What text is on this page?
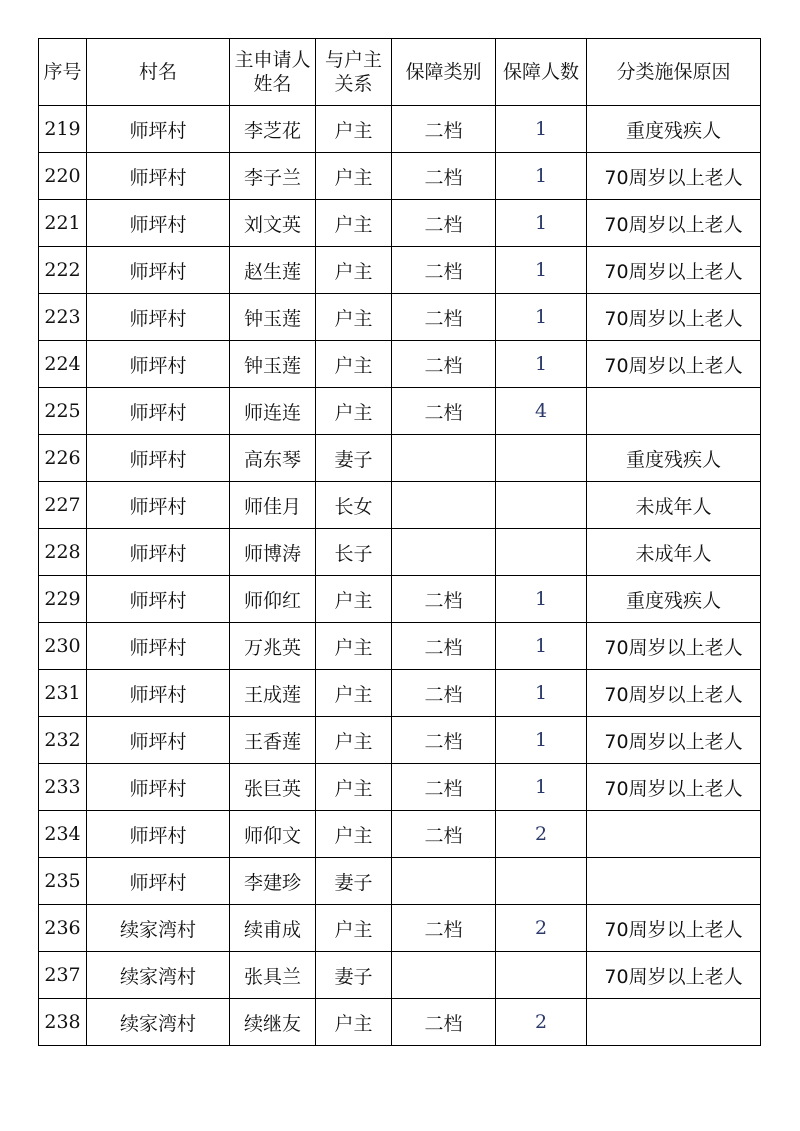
序号	村名	主申请人姓名	与户主关系	保障类别	保障人数	分类施保原因
219	师坪村	李芝花	户主	二档	1	重度残疾人
220	师坪村	李子兰	户主	二档	1	70周岁以上老人
221	师坪村	刘文英	户主	二档	1	70周岁以上老人
222	师坪村	赵生莲	户主	二档	1	70周岁以上老人
223	师坪村	钟玉莲	户主	二档	1	70周岁以上老人
224	师坪村	钟玉莲	户主	二档	1	70周岁以上老人
225	师坪村	师连连	户主	二档	4	
226	师坪村	高东琴	妻子			重度残疾人
227	师坪村	师佳月	长女			未成年人
228	师坪村	师博涛	长子			未成年人
229	师坪村	师仰红	户主	二档	1	重度残疾人
230	师坪村	万兆英	户主	二档	1	70周岁以上老人
231	师坪村	王成莲	户主	二档	1	70周岁以上老人
232	师坪村	王香莲	户主	二档	1	70周岁以上老人
233	师坪村	张巨英	户主	二档	1	70周岁以上老人
234	师坪村	师仰文	户主	二档	2	
235	师坪村	李建珍	妻子			
236	续家湾村	续甫成	户主	二档	2	70周岁以上老人
237	续家湾村	张具兰	妻子			70周岁以上老人
238	续家湾村	续继友	户主	二档	2	
